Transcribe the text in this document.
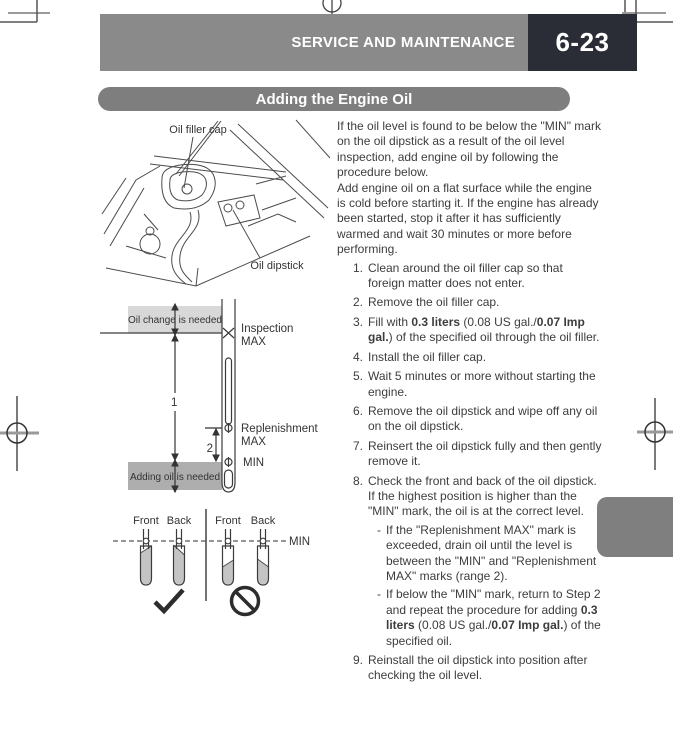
SERVICE AND MAINTENANCE 6-23
Adding the Engine Oil
Oil filler cap
Oil dipstick
Oil change is needed
Adding oil is needed
1
2
Inspection
MAX
Replenishment
MAX
MIN
Front Back Front Back
MIN

If the oil level is found to be below the "MIN" mark on the oil dipstick as a result of the oil level inspection, add engine oil by following the procedure below.

Add engine oil on a flat surface while the engine is cold before starting it. If the engine has already been started, stop it after it has sufficiently warmed and wait 30 minutes or more before performing.

1. Clean around the oil filler cap so that foreign matter does not enter.
2. Remove the oil filler cap.
3. Fill with 0.3 liters (0.08 US gal./0.07 Imp gal.) of the specified oil through the oil filler.
4. Install the oil filler cap.
5. Wait 5 minutes or more without starting the engine.
6. Remove the oil dipstick and wipe off any oil on the oil dipstick.
7. Reinsert the oil dipstick fully and then gently remove it.
8. Check the front and back of the oil dipstick. If the highest position is higher than the "MIN" mark, the oil is at the correct level.
- If the "Replenishment MAX" mark is exceeded, drain oil until the level is between the "MIN" and "Replenishment MAX" marks (range 2).
- If below the "MIN" mark, return to Step 2 and repeat the procedure for adding 0.3 liters (0.08 US gal./0.07 Imp gal.) of the specified oil.
9. Reinstall the oil dipstick into position after checking the oil level.
